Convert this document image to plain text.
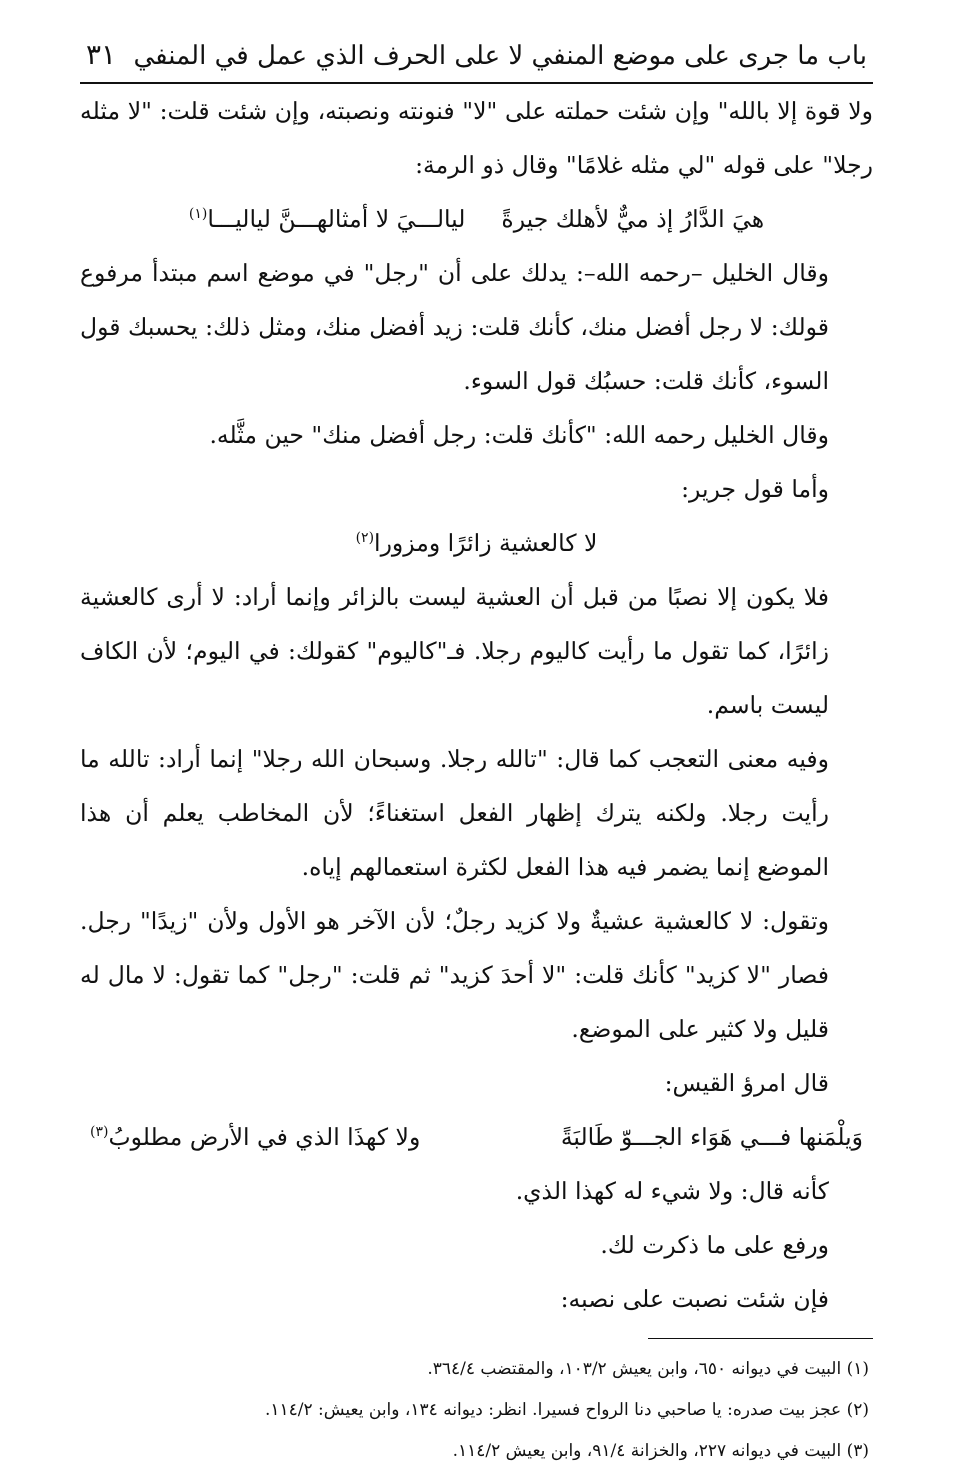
باب ما جرى على موضع المنفي لا على الحرف الذي عمل في المنفي
٣١

ولا قوة إلا بالله" وإن شئت حملته على "لا" فنونته ونصبته، وإن شئت قلت: "لا مثله رجلا" على قوله "لي مثله غلامًا" وقال ذو الرمة:

هيَ الدَّارُ إذ ميٌّ لأهلك جيرةً
ليالـــيَ لا أمثالهـــنَّ لياليـــا$^{(١)}$

وقال الخليل –رحمه الله–: يدلك على أن "رجل" في موضع اسم مبتدأ مرفوع قولك: لا رجل أفضل منك، كأنك قلت: زيد أفضل منك، ومثل ذلك: يحسبك قول السوء، كأنك قلت: حسبُك قول السوء.

وقال الخليل رحمه الله: "كأنك قلت: رجل أفضل منك" حين مثَّله.

وأما قول جرير:

لا كالعشية زائرًا ومزورا$^{(٢)}$

فلا يكون إلا نصبًا من قبل أن العشية ليست بالزائر وإنما أراد: لا أرى كالعشية زائرًا، كما تقول ما رأيت كاليوم رجلا. فـ"كاليوم" كقولك: في اليوم؛ لأن الكاف ليست باسم.

وفيه معنى التعجب كما قال: "تالله رجلا. وسبحان الله رجلا" إنما أراد: تالله ما رأيت رجلا. ولكنه يترك إظهار الفعل استغناءً؛ لأن المخاطب يعلم أن هذا الموضع إنما يضمر فيه هذا الفعل لكثرة استعمالهم إياه.

وتقول: لا كالعشية عشيةٌ ولا كزيد رجلٌ؛ لأن الآخر هو الأول ولأن "زيدًا" رجل. فصار "لا كزيد" كأنك قلت: "لا أحدَ كزيد" ثم قلت: "رجل" كما تقول: لا مال له قليل ولا كثير على الموضع.

قال امرؤ القيس:

وَيلْمَنها فـــي هَوَاء الجـــوّ طَالبَةً
ولا كهذَا الذي في الأرض مطلوبُ$^{(٣)}$

كأنه قال: ولا شيء له كهذا الذي.

ورفع على ما ذكرت لك.

فإن شئت نصبت على نصبه:

(١) البيت في ديوانه ٦٥٠، وابن يعيش ١٠٣/٢، والمقتضب ٣٦٤/٤.
(٢) عجز بيت صدره: يا صاحبي دنا الرواح فسيرا. انظر: ديوانه ١٣٤، وابن يعيش: ١١٤/٢.
(٣) البيت في ديوانه ٢٢٧، والخزانة ٩١/٤، وابن يعيش ١١٤/٢.
